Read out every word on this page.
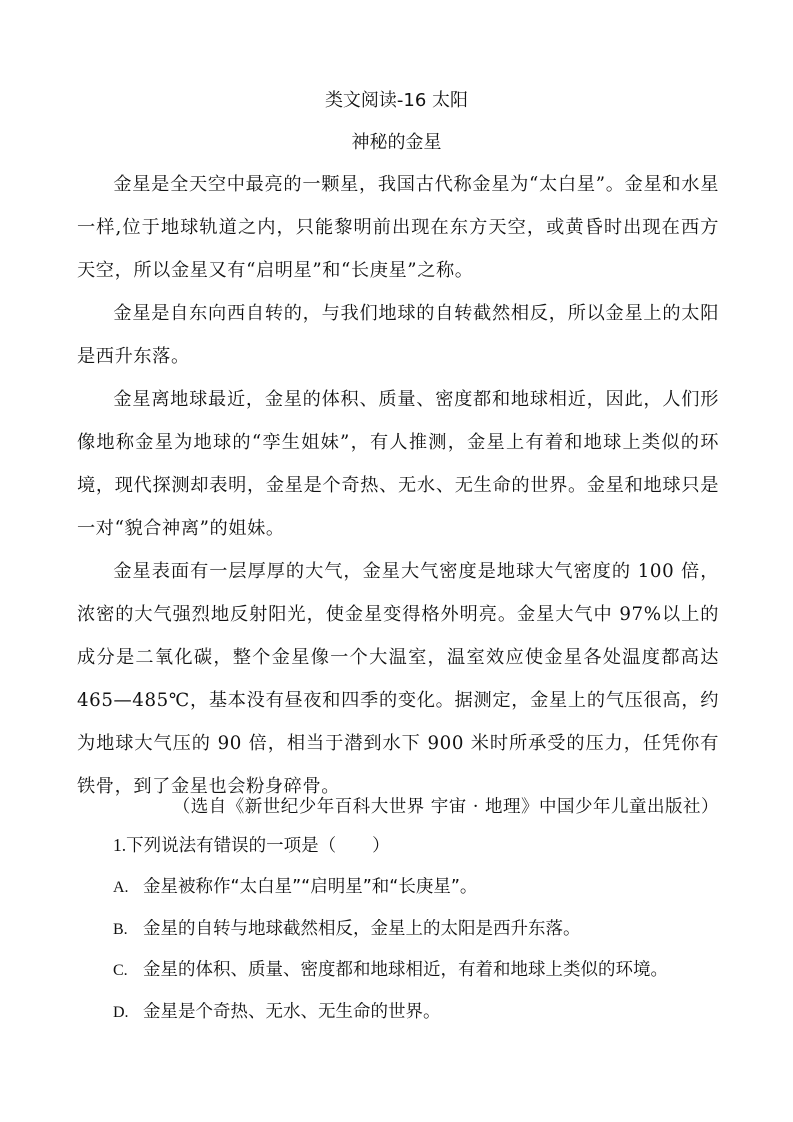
类文阅读-16 太阳
神秘的金星

金星是全天空中最亮的一颗星，我国古代称金星为“太白星”。金星和水星一样,位于地球轨道之内，只能黎明前出现在东方天空，或黄昏时出现在西方天空，所以金星又有“启明星”和“长庚星”之称。

金星是自东向西自转的，与我们地球的自转截然相反，所以金星上的太阳是西升东落。

金星离地球最近，金星的体积、质量、密度都和地球相近，因此，人们形像地称金星为地球的“孪生姐妹”，有人推测，金星上有着和地球上类似的环境，现代探测却表明，金星是个奇热、无水、无生命的世界。金星和地球只是一对“貌合神离”的姐妹。

金星表面有一层厚厚的大气，金星大气密度是地球大气密度的 100 倍，浓密的大气强烈地反射阳光，使金星变得格外明亮。金星大气中 97%以上的成分是二氧化碳，整个金星像一个大温室，温室效应使金星各处温度都高达 465—485℃，基本没有昼夜和四季的变化。据测定，金星上的气压很高，约为地球大气压的 90 倍，相当于潜到水下 900 米时所承受的压力，任凭你有铁骨，到了金星也会粉身碎骨。

（选自《新世纪少年百科大世界 宇宙 · 地理》中国少年儿童出版社）
1.下列说法有错误的一项是（ ）
A. 金星被称作“太白星”“启明星”和“长庚星”。
B. 金星的自转与地球截然相反，金星上的太阳是西升东落。
C. 金星的体积、质量、密度都和地球相近，有着和地球上类似的环境。
D. 金星是个奇热、无水、无生命的世界。
